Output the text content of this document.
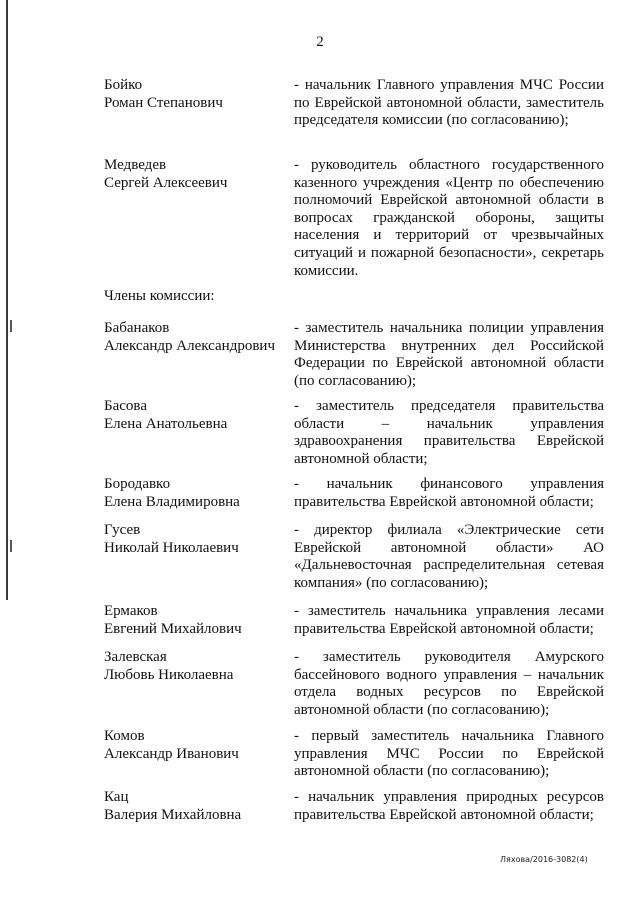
2
Бойко
Роман Степанович
- начальник Главного управления МЧС России по Еврейской автономной области, заместитель председателя комиссии (по согласованию);
Медведев
Сергей Алексеевич
- руководитель областного государственного казенного учреждения «Центр по обеспечению полномочий Еврейской автономной области в вопросах гражданской обороны, защиты населения и территорий от чрезвычайных ситуаций и пожарной безопасности», секретарь комиссии.
Члены комиссии:
Бабанаков
Александр Александрович
- заместитель начальника полиции управления Министерства внутренних дел Российской Федерации по Еврейской автономной области (по согласованию);
Басова
Елена Анатольевна
- заместитель председателя правительства области – начальник управления здравоохранения правительства Еврейской автономной области;
Бородавко
Елена Владимировна
- начальник финансового управления правительства Еврейской автономной области;
Гусев
Николай Николаевич
- директор филиала «Электрические сети Еврейской автономной области» АО «Дальневосточная распределительная сетевая компания» (по согласованию);
Ермаков
Евгений Михайлович
- заместитель начальника управления лесами правительства Еврейской автономной области;
Залевская
Любовь Николаевна
- заместитель руководителя Амурского бассейнового водного управления – начальник отдела водных ресурсов по Еврейской автономной области (по согласованию);
Комов
Александр Иванович
- первый заместитель начальника Главного управления МЧС России по Еврейской автономной области (по согласованию);
Кац
Валерия Михайловна
- начальник управления природных ресурсов правительства Еврейской автономной области;
Ляхова/2016-3082(4)
